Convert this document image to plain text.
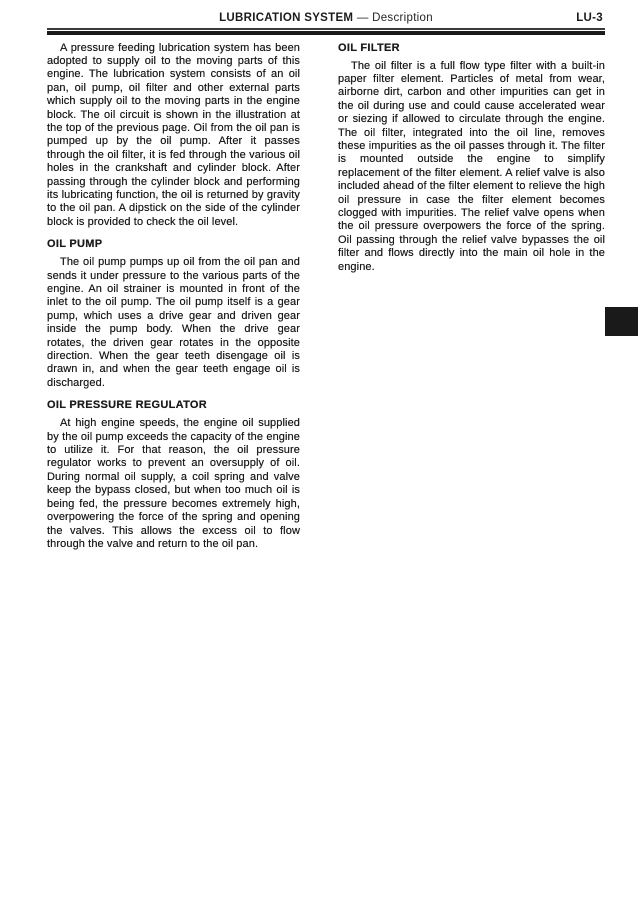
LUBRICATION SYSTEM — Description	LU-3

A pressure feeding lubrication system has been adopted to supply oil to the moving parts of this engine. The lubrication system consists of an oil pan, oil pump, oil filter and other external parts which supply oil to the moving parts in the engine block. The oil circuit is shown in the illustration at the top of the previous page. Oil from the oil pan is pumped up by the oil pump. After it passes through the oil filter, it is fed through the various oil holes in the crankshaft and cylinder block. After passing through the cylinder block and performing its lubricating function, the oil is returned by gravity to the oil pan. A dipstick on the side of the cylinder block is provided to check the oil level.

OIL PUMP

The oil pump pumps up oil from the oil pan and sends it under pressure to the various parts of the engine. An oil strainer is mounted in front of the inlet to the oil pump. The oil pump itself is a gear pump, which uses a drive gear and driven gear inside the pump body. When the drive gear rotates, the driven gear rotates in the opposite direction. When the gear teeth disengage oil is drawn in, and when the gear teeth engage oil is discharged.

OIL PRESSURE REGULATOR

At high engine speeds, the engine oil supplied by the oil pump exceeds the capacity of the engine to utilize it. For that reason, the oil pressure regulator works to prevent an oversupply of oil. During normal oil supply, a coil spring and valve keep the bypass closed, but when too much oil is being fed, the pressure becomes extremely high, overpowering the force of the spring and opening the valves. This allows the excess oil to flow through the valve and return to the oil pan.

OIL FILTER

The oil filter is a full flow type filter with a built-in paper filter element. Particles of metal from wear, airborne dirt, carbon and other impurities can get in the oil during use and could cause accelerated wear or siezing if allowed to circulate through the engine. The oil filter, integrated into the oil line, removes these impurities as the oil passes through it. The filter is mounted outside the engine to simplify replacement of the filter element. A relief valve is also included ahead of the filter element to relieve the high oil pressure in case the filter element becomes clogged with impurities. The relief valve opens when the oil pressure overpowers the force of the spring. Oil passing through the relief valve bypasses the oil filter and flows directly into the main oil hole in the engine.
